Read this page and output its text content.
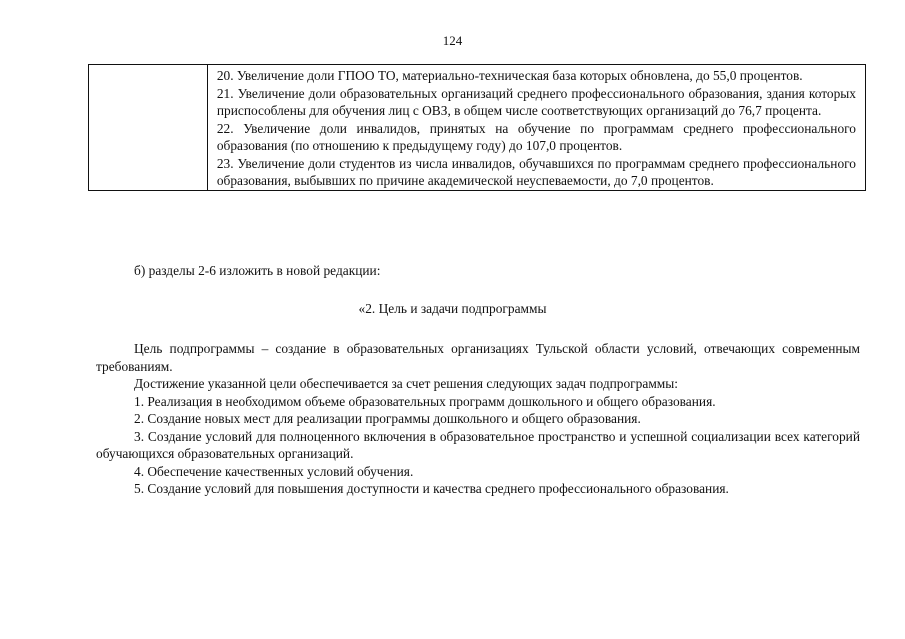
124

20. Увеличение доли ГПОО ТО, материально-техническая база которых обновлена, до 55,0 процентов.

21. Увеличение доли образовательных организаций среднего профессионального образования, здания которых приспособлены для обучения лиц с ОВЗ, в общем числе соответствующих организаций до 76,7 процента.

22. Увеличение доли инвалидов, принятых на обучение по программам среднего профессионального образования (по отношению к предыдущему году) до 107,0 процентов.

23. Увеличение доли студентов из числа инвалидов, обучавшихся по программам среднего профессионального образования, выбывших по причине академической неуспеваемости, до 7,0 процентов.

б) разделы 2-6 изложить в новой редакции:

«2. Цель и задачи подпрограммы

Цель подпрограммы – создание в образовательных организациях Тульской области условий, отвечающих современным требованиям.

Достижение указанной цели обеспечивается за счет решения следующих задач подпрограммы:

1. Реализация в необходимом объеме образовательных программ дошкольного и общего образования.

2. Создание новых мест для реализации программы дошкольного и общего образования.

3. Создание условий для полноценного включения в образовательное пространство и успешной социализации всех категорий обучающихся образовательных организаций.

4. Обеспечение качественных условий обучения.

5. Создание условий для повышения доступности и качества среднего профессионального образования.
